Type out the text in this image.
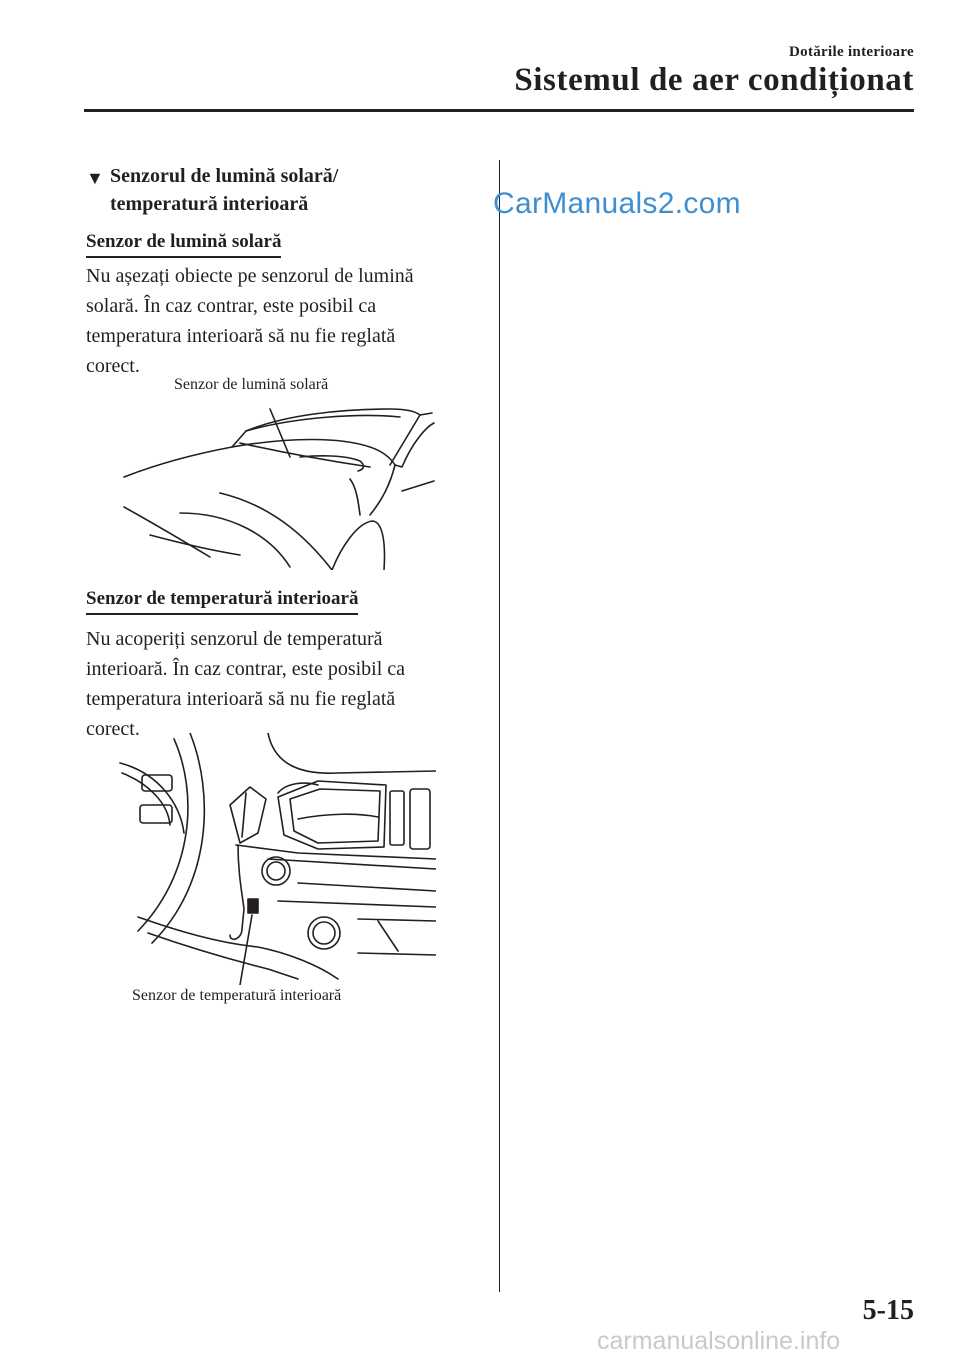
Dotările interioare
Sistemul de aer condiționat
CarManuals2.com
carmanualsonline.info
▼ Senzorul de lumină solară/
temperatură interioară
Senzor de lumină solară
Nu așezați obiecte pe senzorul de lumină
solară. În caz contrar, este posibil ca
temperatura interioară să nu fie reglată
corect.
Senzor de lumină solară
Senzor de temperatură interioară
Nu acoperiți senzorul de temperatură
interioară. În caz contrar, este posibil ca
temperatura interioară să nu fie reglată
corect.
Senzor de temperatură interioară
5-15
